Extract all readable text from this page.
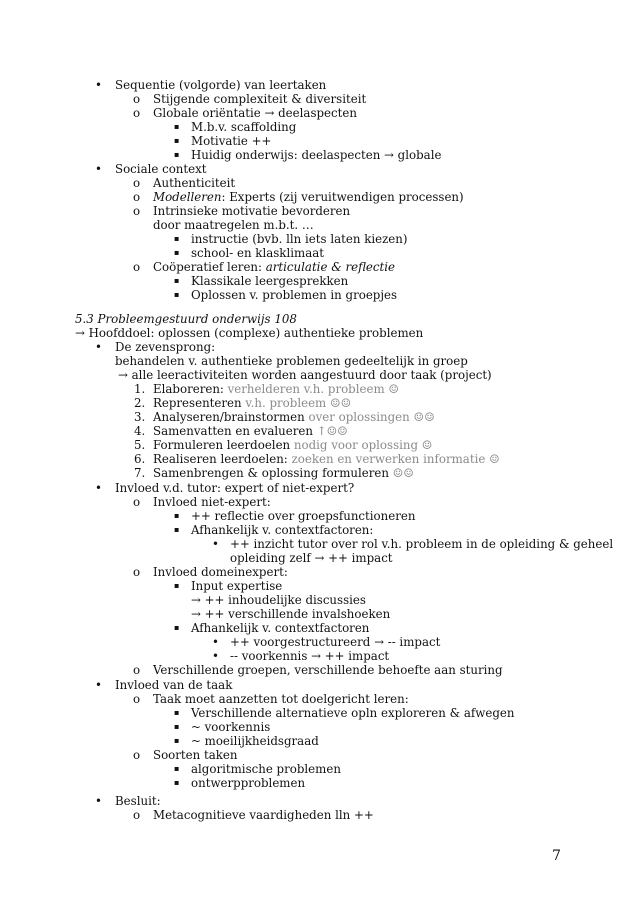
• Sequentie (volgorde) van leertaken
o Stijgende complexiteit & diversiteit
o Globale oriëntatie → deelaspecten
▪ M.b.v. scaffolding
▪ Motivatie ++
▪ Huidig onderwijs: deelaspecten → globale
• Sociale context
o Authenticiteit
o Modelleren: Experts (zij veruitwendigen processen)
o Intrinsieke motivatie bevorderen
door maatregelen m.b.t. …
▪ instructie (bvb. lln iets laten kiezen)
▪ school- en klasklimaat
o Coöperatief leren: articulatie & reflectie
▪ Klassikale leergesprekken
▪ Oplossen v. problemen in groepjes
5.3 Probleemgestuurd onderwijs 108
→ Hoofddoel: oplossen (complexe) authentieke problemen
• De zevensprong:
behandelen v. authentieke problemen gedeeltelijk in groep
→ alle leeractiviteiten worden aangestuurd door taak (project)
1. Elaboreren: verhelderen v.h. probleem ☺
2. Representeren v.h. probleem ☺☺
3. Analyseren/brainstormen over oplossingen ☺☺
4. Samenvatten en evalueren ↑☺☺
5. Formuleren leerdoelen nodig voor oplossing ☺
6. Realiseren leerdoelen: zoeken en verwerken informatie ☺
7. Samenbrengen & oplossing formuleren ☺☺
• Invloed v.d. tutor: expert of niet-expert?
o Invloed niet-expert:
▪ ++ reflectie over groepsfunctioneren
▪ Afhankelijk v. contextfactoren:
• ++ inzicht tutor over rol v.h. probleem in de opleiding & geheel
opleiding zelf → ++ impact
o Invloed domeinexpert:
▪ Input expertise
→ ++ inhoudelijke discussies
→ ++ verschillende invalshoeken
▪ Afhankelijk v. contextfactoren
• ++ voorgestructureerd → -- impact
• -- voorkennis → ++ impact
o Verschillende groepen, verschillende behoefte aan sturing
• Invloed van de taak
o Taak moet aanzetten tot doelgericht leren:
▪ Verschillende alternatieve opln exploreren & afwegen
▪ ~ voorkennis
▪ ~ moeilijkheidsgraad
o Soorten taken
▪ algoritmische problemen
▪ ontwerpproblemen
• Besluit:
o Metacognitieve vaardigheden lln ++
7
